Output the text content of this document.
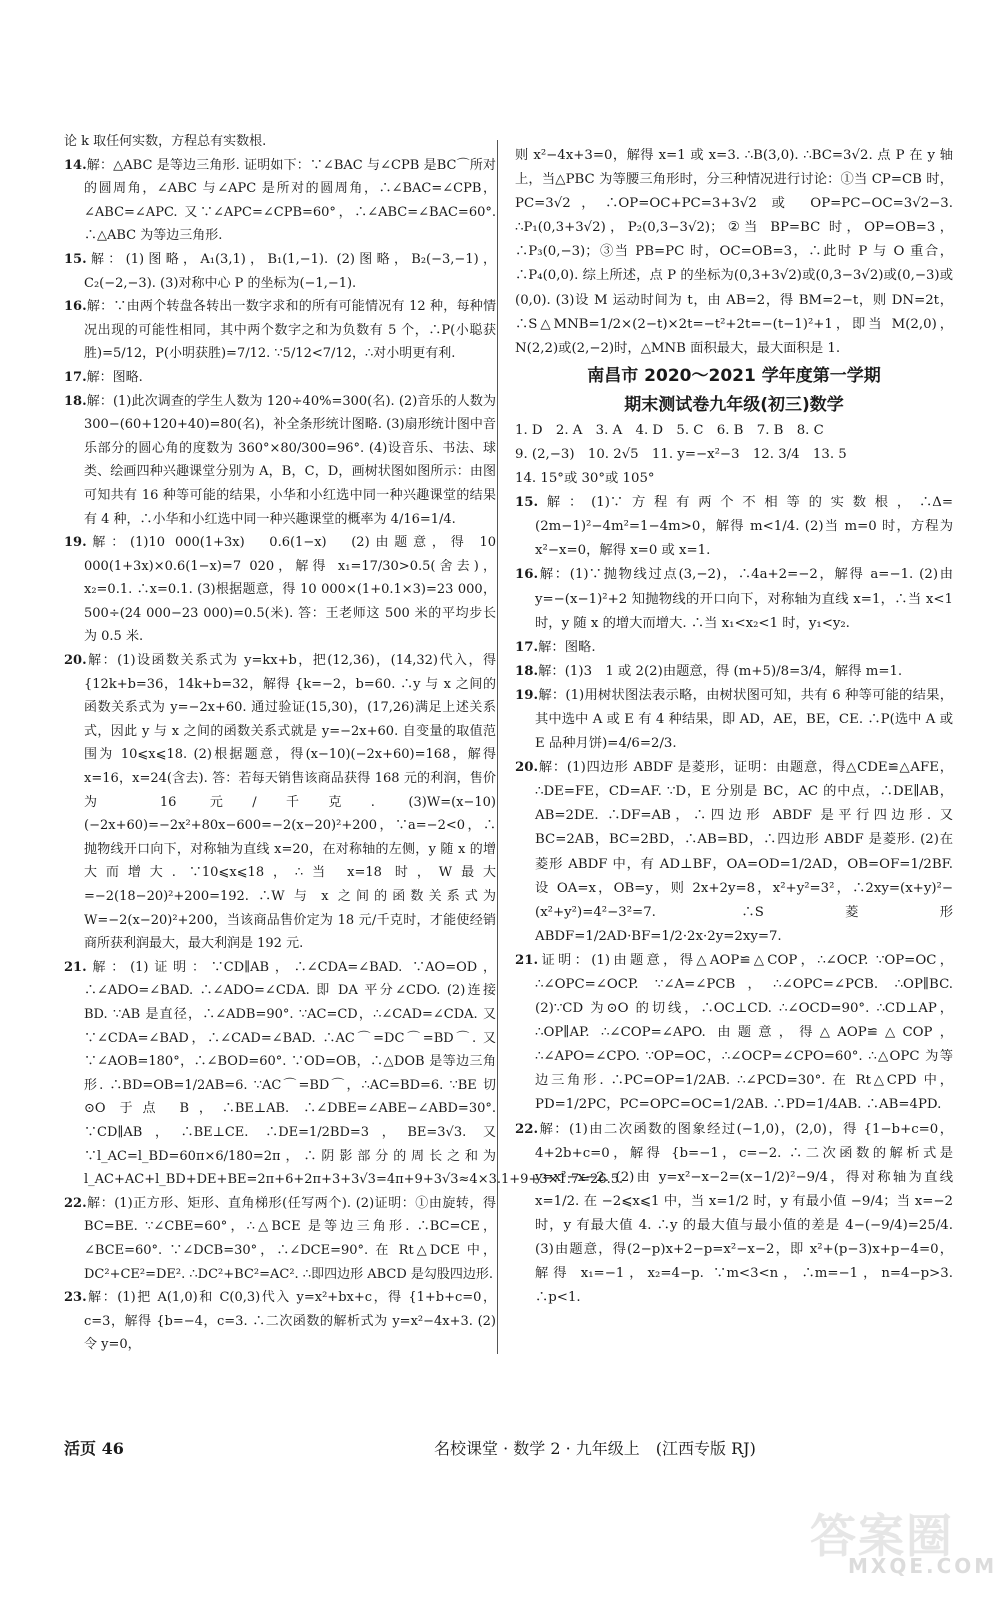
论 k 取任何实数，方程总有实数根.

14.解：△ABC 是等边三角形. 证明如下：∵∠BAC 与∠CPB 是BC⌒所对的圆周角，∠ABC 与∠APC 是所对的圆周角，∴∠BAC=∠CPB，∠ABC=∠APC. 又∵∠APC=∠CPB=60°，∴∠ABC=∠BAC=60°. ∴△ABC 为等边三角形.

15.解：(1)图略，A₁(3,1)，B₁(1,−1). (2)图略，B₂(−3,−1)，C₂(−2,−3). (3)对称中心 P 的坐标为(−1,−1).

16.解：∵由两个转盘各转出一数字求和的所有可能情况有 12 种，每种情况出现的可能性相同，其中两个数字之和为负数有 5 个，∴P(小聪获胜)=5/12，P(小明获胜)=7/12. ∵5/12<7/12，∴对小明更有利.

17.解：图略.

18.解：(1)此次调查的学生人数为 120÷40%=300(名). (2)音乐的人数为 300−(60+120+40)=80(名)，补全条形统计图略. (3)扇形统计图中音乐部分的圆心角的度数为 360°×80/300=96°. (4)设音乐、书法、球类、绘画四种兴趣课堂分别为 A，B，C，D，画树状图如图所示：由图可知共有 16 种等可能的结果，小华和小红选中同一种兴趣课堂的结果有 4 种，∴小华和小红选中同一种兴趣课堂的概率为 4/16=1/4.

19.解：(1)10 000(1+3x)　0.6(1−x)　(2)由题意，得 10 000(1+3x)×0.6(1−x)=7 020，解得 x₁=17/30>0.5(舍去)，x₂=0.1. ∴x=0.1. (3)根据题意，得 10 000×(1+0.1×3)=23 000，500÷(24 000−23 000)=0.5(米). 答：王老师这 500 米的平均步长为 0.5 米.

20.解：(1)设函数关系式为 y=kx+b，把(12,36)，(14,32)代入，得 {12k+b=36，14k+b=32，解得 {k=−2，b=60. ∴y 与 x 之间的函数关系式为 y=−2x+60. 通过验证(15,30)，(17,26)满足上述关系式，因此 y 与 x 之间的函数关系式就是 y=−2x+60. 自变量的取值范围为 10⩽x⩽18. (2)根据题意，得(x−10)(−2x+60)=168，解得 x=16，x=24(含去). 答：若每天销售该商品获得 168 元的利润，售价为 16 元/千克. (3)W=(x−10)(−2x+60)=−2x²+80x−600=−2(x−20)²+200，∵a=−2<0，∴抛物线开口向下，对称轴为直线 x=20，在对称轴的左侧，y 随 x 的增大而增大. ∵10⩽x⩽18，∴当 x=18 时，W最大=−2(18−20)²+200=192. ∴W 与 x 之间的函数关系式为 W=−2(x−20)²+200，当该商品售价定为 18 元/千克时，才能使经销商所获利润最大，最大利润是 192 元.

21.解：(1)证明：∵CD∥AB，∴∠CDA=∠BAD. ∵AO=OD，∴∠ADO=∠BAD. ∴∠ADO=∠CDA. 即 DA 平分∠CDO. (2)连接 BD. ∵AB 是直径，∴∠ADB=90°. ∵AC=CD，∴∠CAD=∠CDA. 又∵∠CDA=∠BAD，∴∠CAD=∠BAD. ∴AC⌒=DC⌒=BD⌒. 又∵∠AOB=180°，∴∠BOD=60°. ∵OD=OB，∴△DOB 是等边三角形. ∴BD=OB=1/2AB=6. ∵AC⌒=BD⌒，∴AC=BD=6. ∵BE 切⊙O 于点 B，∴BE⊥AB. ∴∠DBE=∠ABE−∠ABD=30°. ∵CD∥AB，∴BE⊥CE. ∴DE=1/2BD=3，BE=3√3. 又∵l_AC=l_BD=60π×6/180=2π，∴阴影部分的周长之和为 l_AC+AC+l_BD+DE+BE=2π+6+2π+3+3√3=4π+9+3√3≈4×3.1+9+3×1.7=26.5.

22.解：(1)正方形、矩形、直角梯形(任写两个). (2)证明：①由旋转，得 BC=BE. ∵∠CBE=60°，∴△BCE 是等边三角形. ∴BC=CE，∠BCE=60°. ∵∠DCB=30°，∴∠DCE=90°. 在 Rt△DCE 中，DC²+CE²=DE². ∴DC²+BC²=AC². ∴即四边形 ABCD 是勾股四边形.

23.解：(1)把 A(1,0)和 C(0,3)代入 y=x²+bx+c，得 {1+b+c=0，c=3，解得 {b=−4，c=3. ∴二次函数的解析式为 y=x²−4x+3. (2)令 y=0，

则 x²−4x+3=0，解得 x=1 或 x=3. ∴B(3,0). ∴BC=3√2. 点 P 在 y 轴上，当△PBC 为等腰三角形时，分三种情况进行讨论：①当 CP=CB 时，PC=3√2，∴OP=OC+PC=3+3√2 或 OP=PC−OC=3√2−3. ∴P₁(0,3+3√2)，P₂(0,3−3√2)；②当 BP=BC 时，OP=OB=3，∴P₃(0,−3)；③当 PB=PC 时，OC=OB=3，∴此时 P 与 O 重合，∴P₄(0,0). 综上所述，点 P 的坐标为(0,3+3√2)或(0,3−3√2)或(0,−3)或(0,0). (3)设 M 运动时间为 t，由 AB=2，得 BM=2−t，则 DN=2t，∴S△MNB=1/2×(2−t)×2t=−t²+2t=−(t−1)²+1，即当 M(2,0)，N(2,2)或(2,−2)时，△MNB 面积最大，最大面积是 1.

南昌市 2020～2021 学年度第一学期
期末测试卷九年级(初三)数学

1. D　2. A　3. A　4. D　5. C　6. B　7. B　8. C

9. (2,−3)　10. 2√5　11. y=−x²−3　12. 3/4　13. 5

14. 15°或 30°或 105°

15.解：(1)∵方程有两个不相等的实数根，∴Δ=(2m−1)²−4m²=1−4m>0，解得 m<1/4. (2)当 m=0 时，方程为 x²−x=0，解得 x=0 或 x=1.

16.解：(1)∵抛物线过点(3,−2)，∴4a+2=−2，解得 a=−1. (2)由 y=−(x−1)²+2 知抛物线的开口向下，对称轴为直线 x=1，∴当 x<1 时，y 随 x 的增大而增大. ∴当 x₁<x₂<1 时，y₁<y₂.

17.解：图略.

18.解：(1)3　1 或 2(2)由题意，得 (m+5)/8=3/4，解得 m=1.

19.解：(1)用树状图法表示略，由树状图可知，共有 6 种等可能的结果，其中选中 A 或 E 有 4 种结果，即 AD，AE，BE，CE. ∴P(选中 A 或 E 品种月饼)=4/6=2/3.

20.解：(1)四边形 ABDF 是菱形，证明：由题意，得△CDE≌△AFE，∴DE=FE，CD=AF. ∵D，E 分别是 BC，AC 的中点，∴DE∥AB，AB=2DE. ∴DF=AB，∴四边形 ABDF 是平行四边形. 又 BC=2AB，BC=2BD，∴AB=BD，∴四边形 ABDF 是菱形. (2)在菱形 ABDF 中，有 AD⊥BF，OA=OD=1/2AD，OB=OF=1/2BF. 设 OA=x，OB=y，则 2x+2y=8，x²+y²=3²，∴2xy=(x+y)²−(x²+y²)=4²−3²=7. ∴S菱形ABDF=1/2AD·BF=1/2·2x·2y=2xy=7.

21.证明：(1)由题意，得△AOP≌△COP，∴∠OCP. ∵OP=OC，∴∠OPC=∠OCP. ∵∠A=∠PCB，∴∠OPC=∠PCB. ∴OP∥BC. (2)∵CD 为⊙O 的切线，∴OC⊥CD. ∴∠OCD=90°. ∴CD⊥AP，∴OP∥AP. ∴∠COP=∠APO. 由题意，得△AOP≌△COP，∴∠APO=∠CPO. ∵OP=OC，∴∠OCP=∠CPO=60°. ∴△OPC 为等边三角形. ∴PC=OP=1/2AB. ∴∠PCD=30°. 在 Rt△CPD 中，PD=1/2PC，PC=OPC=OC=1/2AB. ∴PD=1/4AB. ∴AB=4PD.

22.解：(1)由二次函数的图象经过(−1,0)，(2,0)，得 {1−b+c=0，4+2b+c=0，解得 {b=−1，c=−2. ∴二次函数的解析式是 y=x²−x−2. (2)由 y=x²−x−2=(x−1/2)²−9/4，得对称轴为直线 x=1/2. 在 −2⩽x⩽1 中，当 x=1/2 时，y 有最小值 −9/4；当 x=−2 时，y 有最大值 4. ∴y 的最大值与最小值的差是 4−(−9/4)=25/4. (3)由题意，得(2−p)x+2−p=x²−x−2，即 x²+(p−3)x+p−4=0，解得 x₁=−1，x₂=4−p. ∵m<3<n，∴m=−1，n=4−p>3. ∴p<1.

活页 46	名校课堂 · 数学 2 · 九年级上　(江西专版 RJ)
答案圈
MXQE.COM
